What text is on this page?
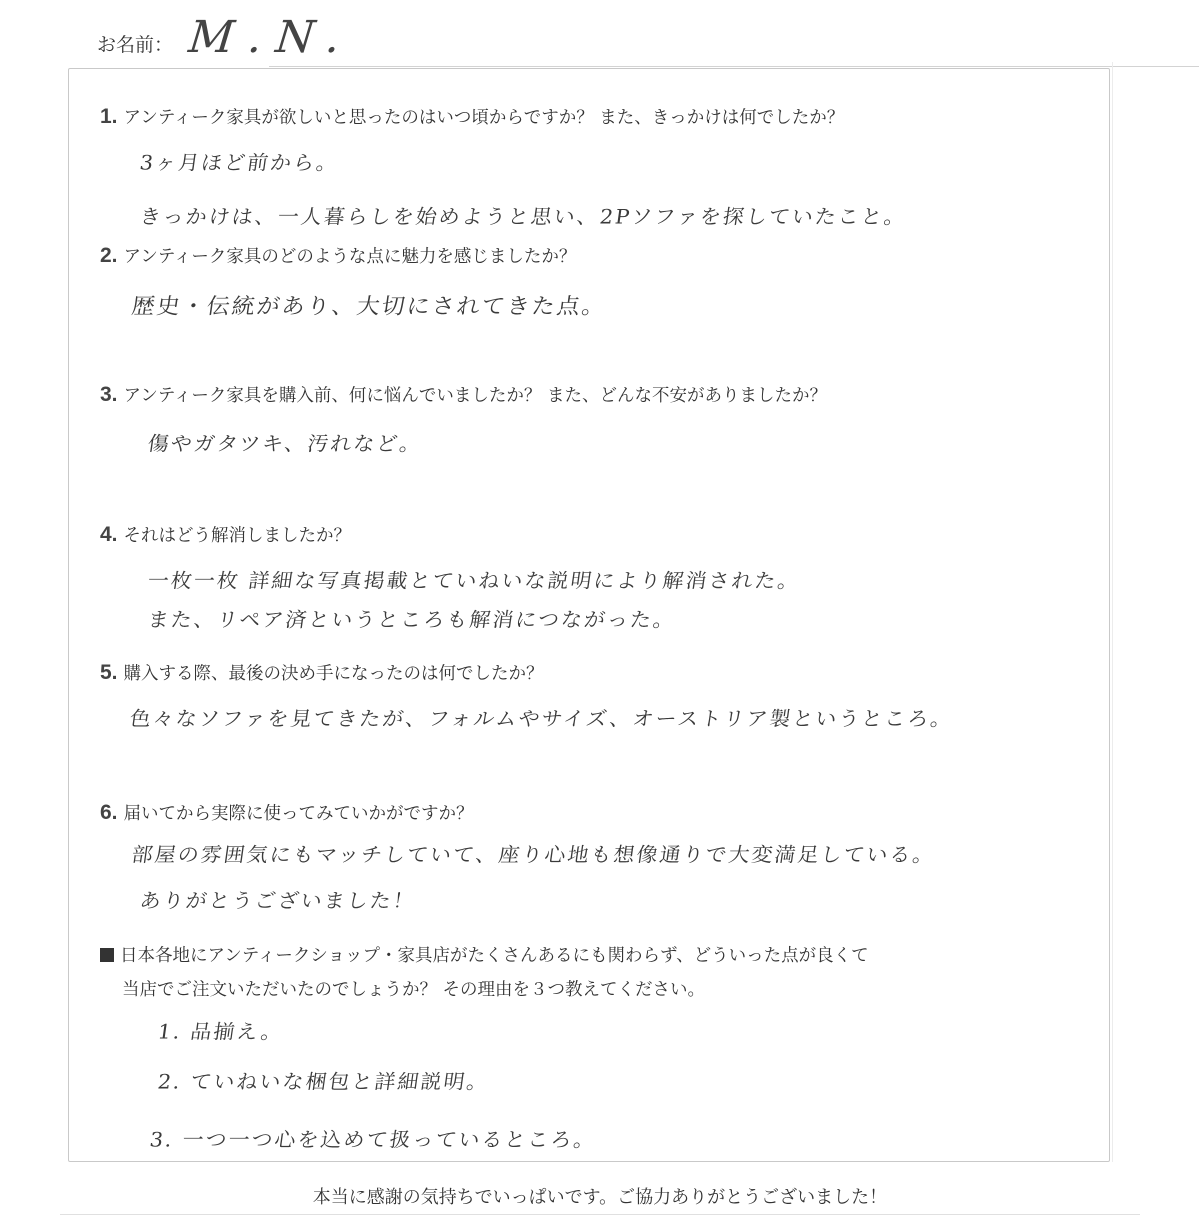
お名前： M.N.
1. アンティーク家具が欲しいと思ったのはいつ頃からですか？ また、きっかけは何でしたか？
3ヶ月ほど前から。
きっかけは、一人暮らしを始めようと思い、2Pソファを探していたこと。
2. アンティーク家具のどのような点に魅力を感じましたか？
歴史・伝統があり、大切にされてきた点。
3. アンティーク家具を購入前、何に悩んでいましたか？ また、どんな不安がありましたか？
傷やガタツキ、汚れなど。
4. それはどう解消しましたか？
一枚一枚 詳細な写真掲載とていねいな説明により解消された。
また、リペア済というところも解消につながった。
5. 購入する際、最後の決め手になったのは何でしたか？
色々なソファを見てきたが、フォルムやサイズ、オーストリア製というところ。
6. 届いてから実際に使ってみていかがですか？
部屋の雰囲気にもマッチしていて、座り心地も想像通りで大変満足している。
ありがとうございました！
日本各地にアンティークショップ・家具店がたくさんあるにも関わらず、どういった点が良くて
当店でご注文いただいたのでしょうか？ その理由を３つ教えてください。
1. 品揃え。
2. ていねいな梱包と詳細説明。
3. 一つ一つ心を込めて扱っているところ。
本当に感謝の気持ちでいっぱいです。ご協力ありがとうございました！
